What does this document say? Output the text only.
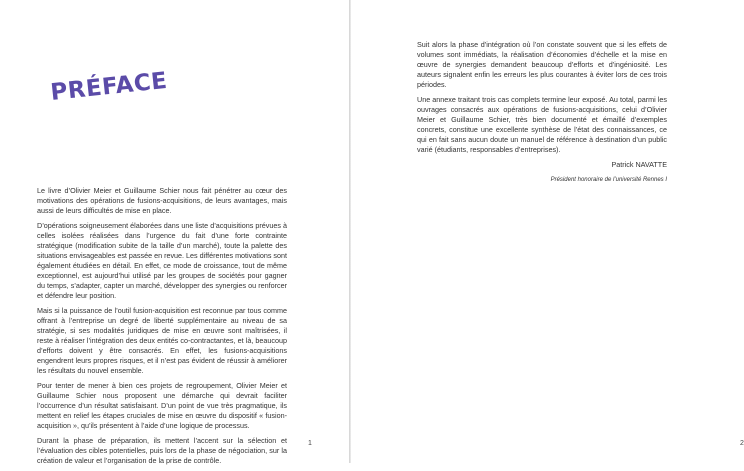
PRÉFACE

Le livre d’Olivier Meier et Guillaume Schier nous fait pénétrer au cœur des motivations des opérations de fusions-acquisitions, de leurs avantages, mais aussi de leurs difficultés de mise en place.

D’opérations soigneusement élaborées dans une liste d’acquisitions prévues à celles isolées réalisées dans l’urgence du fait d’une forte contrainte stratégique (modification subite de la taille d’un marché), toute la palette des situations envisageables est passée en revue. Les différentes motivations sont également étudiées en détail. En effet, ce mode de croissance, tout de même exceptionnel, est aujourd’hui utilisé par les groupes de sociétés pour gagner du temps, s’adapter, capter un marché, développer des synergies ou renforcer et défendre leur position.

Mais si la puissance de l’outil fusion-acquisition est reconnue par tous comme offrant à l’entreprise un degré de liberté supplémentaire au niveau de sa stratégie, si ses modalités juridiques de mise en œuvre sont maîtrisées, il reste à réaliser l’intégration des deux entités co-contractantes, et là, beaucoup d’efforts doivent y être consacrés. En effet, les fusions-acquisitions engendrent leurs propres risques, et il n’est pas évident de réussir à améliorer les résultats du nouvel ensemble.

Pour tenter de mener à bien ces projets de regroupement, Olivier Meier et Guillaume Schier nous proposent une démarche qui devrait faciliter l’occurrence d’un résultat satisfaisant. D’un point de vue très pragmatique, ils mettent en relief les étapes cruciales de mise en œuvre du dispositif « fusion-acquisition », qu’ils présentent à l’aide d’une logique de processus.

Durant la phase de préparation, ils mettent l’accent sur la sélection et l’évaluation des cibles potentielles, puis lors de la phase de négociation, sur la création de valeur et l’organisation de la prise de contrôle.

1	2

Suit alors la phase d’intégration où l’on constate souvent que si les effets de volumes sont immédiats, la réalisation d’économies d’échelle et la mise en œuvre de synergies demandent beaucoup d’efforts et d’ingéniosité. Les auteurs signalent enfin les erreurs les plus courantes à éviter lors de ces trois périodes.

Une annexe traitant trois cas complets termine leur exposé. Au total, parmi les ouvrages consacrés aux opérations de fusions-acquisitions, celui d’Olivier Meier et Guillaume Schier, très bien documenté et émaillé d’exemples concrets, constitue une excellente synthèse de l’état des connaissances, ce qui en fait sans aucun doute un manuel de référence à destination d’un public varié (étudiants, responsables d’entreprises).

Patrick NAVATTE

Président honoraire de l’université Rennes I
